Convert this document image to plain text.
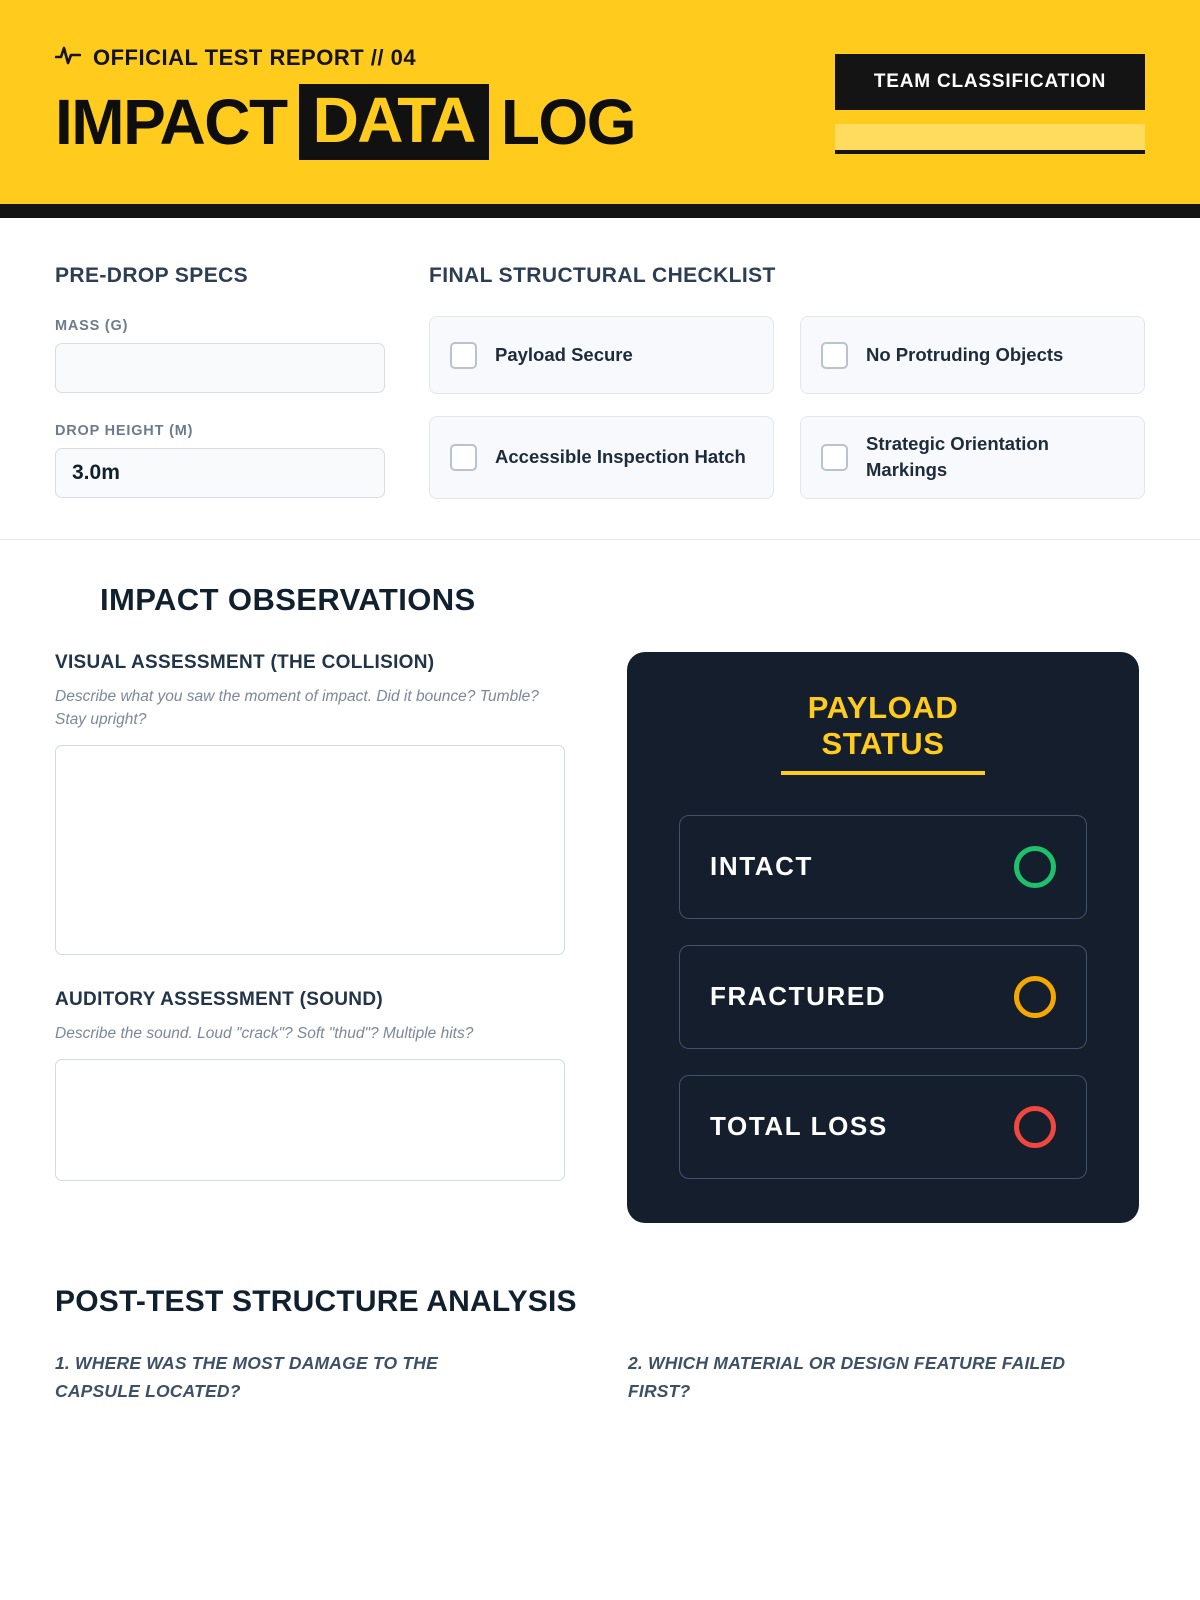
OFFICIAL TEST REPORT // 04
IMPACT DATA LOG
TEAM CLASSIFICATION
PRE-DROP SPECS
MASS (G)
DROP HEIGHT (M)
3.0m
FINAL STRUCTURAL CHECKLIST
Payload Secure	No Protruding Objects
Accessible Inspection Hatch
Strategic Orientation Markings
IMPACT OBSERVATIONS
VISUAL ASSESSMENT (THE COLLISION)
Describe what you saw the moment of impact. Did it bounce? Tumble? Stay upright?
AUDITORY ASSESSMENT (SOUND)
Describe the sound. Loud "crack"? Soft "thud"? Multiple hits?
PAYLOAD STATUS
INTACT
FRACTURED
TOTAL LOSS
POST-TEST STRUCTURE ANALYSIS
1. WHERE WAS THE MOST DAMAGE TO THE CAPSULE LOCATED?
2. WHICH MATERIAL OR DESIGN FEATURE FAILED FIRST?
